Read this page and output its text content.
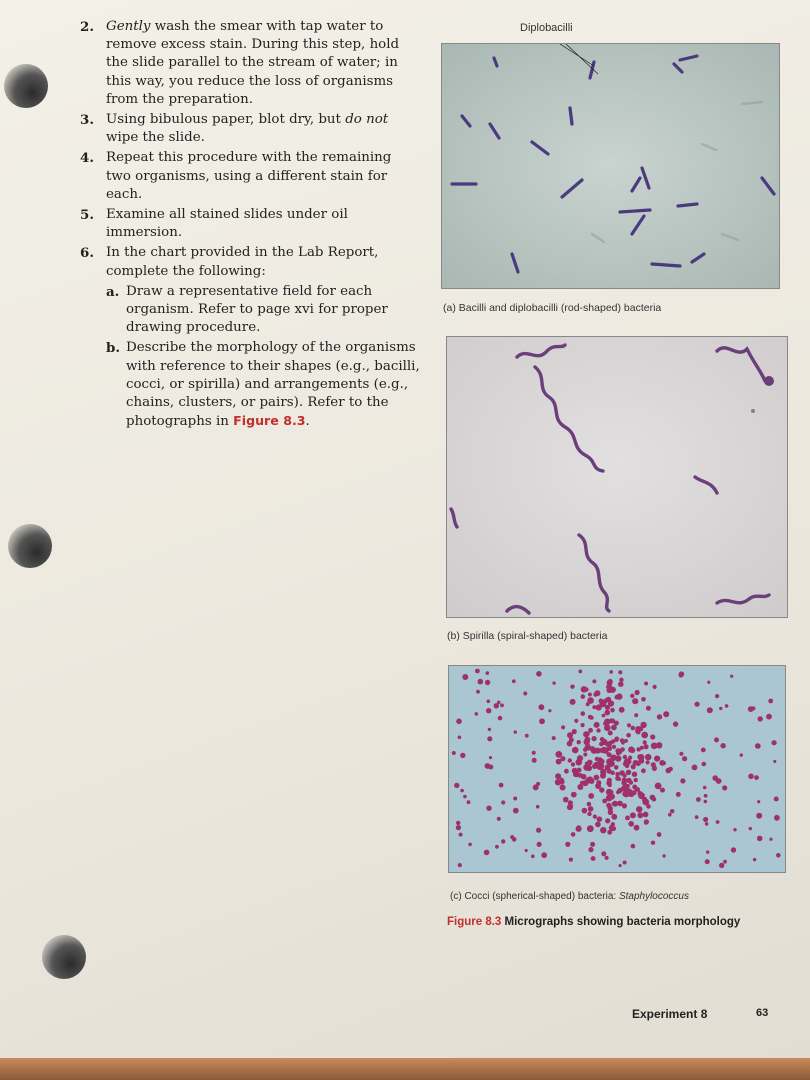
2. Gently wash the smear with tap water to remove excess stain. During this step, hold the slide parallel to the stream of water; in this way, you reduce the loss of organisms from the preparation.
3. Using bibulous paper, blot dry, but do not wipe the slide.
4. Repeat this procedure with the remaining two organisms, using a different stain for each.
5. Examine all stained slides under oil immersion.
6. In the chart provided in the Lab Report, complete the following:
a. Draw a representative field for each organism. Refer to page xvi for proper drawing procedure.
b. Describe the morphology of the organisms with reference to their shapes (e.g., bacilli, cocci, or spirilla) and arrangements (e.g., chains, clusters, or pairs). Refer to the photographs in Figure 8.3.
Diplobacilli
(a) Bacilli and diplobacilli (rod-shaped) bacteria
(b) Spirilla (spiral-shaped) bacteria
(c) Cocci (spherical-shaped) bacteria: Staphylococcus
Figure 8.3 Micrographs showing bacteria morphology
Experiment 8	63
